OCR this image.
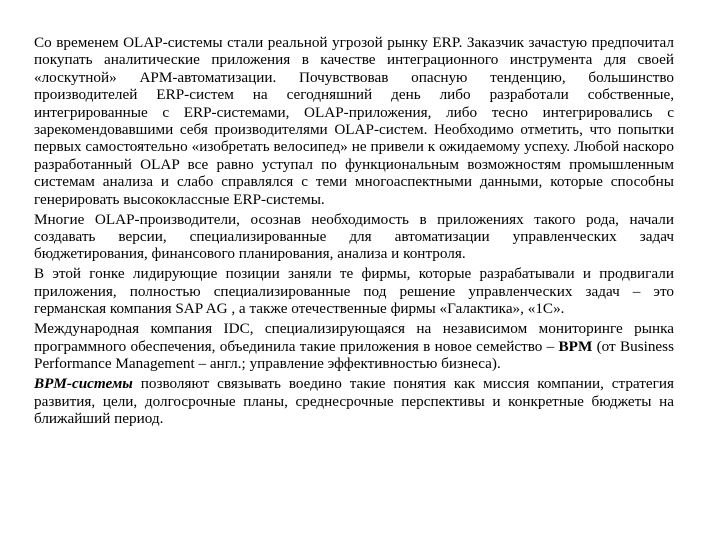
Со временем OLAP-системы стали реальной угрозой рынку ERP. Заказчик зачастую предпочитал покупать аналитические приложения в качестве интеграционного инструмента для своей «лоскутной» АРМ-автоматизации. Почувствовав опасную тенденцию, большинство производителей ERP-систем на сегодняшний день либо разработали собственные, интегрированные с ERP-системами, OLAP-приложения, либо тесно интегрировались с зарекомендовавшими себя производителями OLAP-систем. Необходимо отметить, что попытки первых самостоятельно «изобретать велосипед» не привели к ожидаемому успеху. Любой наскоро разработанный OLAP все равно уступал по функциональным возможностям промышленным системам анализа и слабо справлялся с теми многоаспектными данными, которые способны генерировать высококлассные ERP-системы.

Многие OLAP-производители, осознав необходимость в приложениях такого рода, начали создавать версии, специализированные для автоматизации управленческих задач бюджетирования, финансового планирования, анализа и контроля.

В этой гонке лидирующие позиции заняли те фирмы, которые разрабатывали и продвигали приложения, полностью специализированные под решение управленческих задач – это германская компания SAP AG , а также отечественные фирмы «Галактика», «1С».

Международная компания IDC, специализирующаяся на независимом мониторинге рынка программного обеспечения, объединила такие приложения в новое семейство – BPM (от Business Performance Management – англ.; управление эффективностью бизнеса).

BPM-системы позволяют связывать воедино такие понятия как миссия компании, стратегия развития, цели, долгосрочные планы, среднесрочные перспективы и конкретные бюджеты на ближайший период.
